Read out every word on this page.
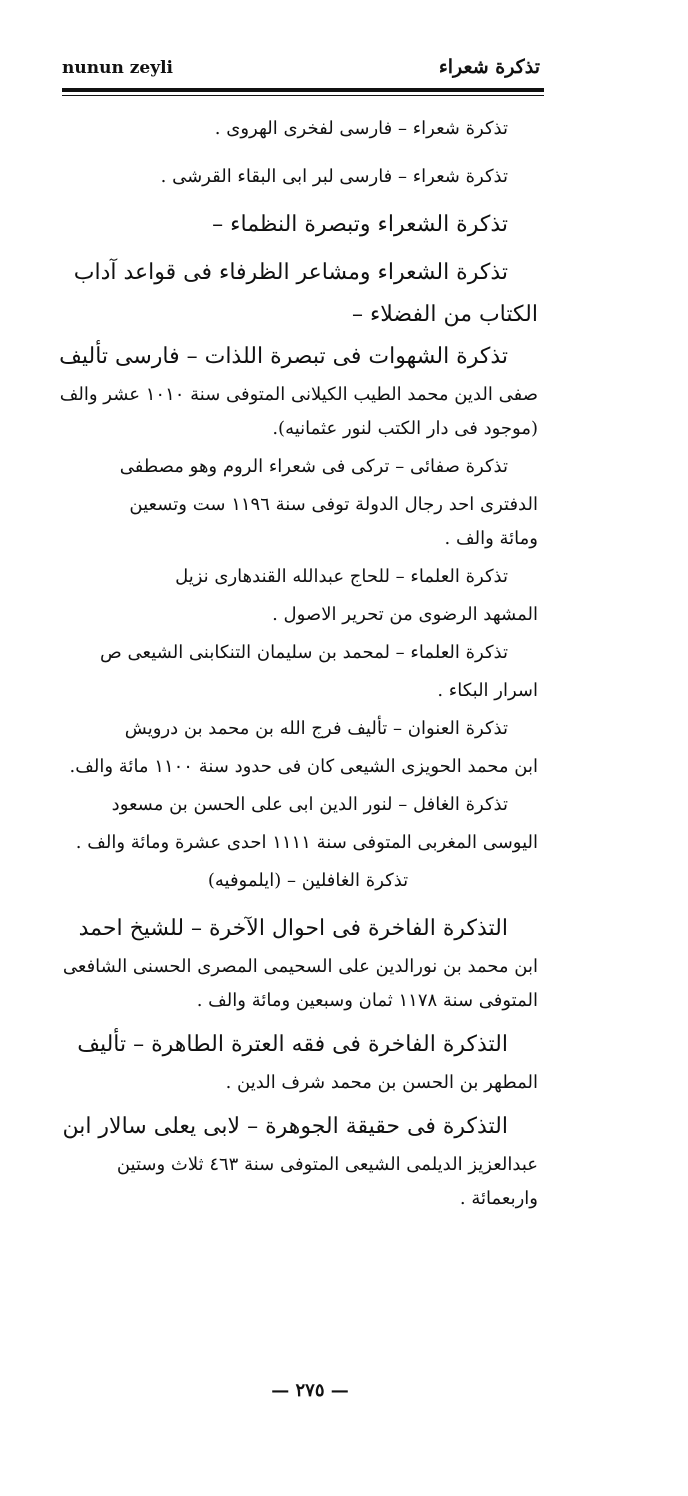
nunun zeyli	تذكرة شعراء
تذكرة شعراء – فارسى لفخرى الهروى .
تذكرة شعراء – فارسى لبر ابى البقاء القرشى .
تذكرة الشعراء وتبصرة النظماء –
تذكرة الشعراء ومشاعر الظرفاء فى قواعد آداب
الكتاب من الفضلاء –
تذكرة الشهوات فى تبصرة اللذات – فارسى تأليف
صفى الدين محمد الطيب الكيلانى المتوفى سنة ١٠١٠ عشر والف
(موجود فى دار الكتب لنور عثمانيه).
تذكرة صفائى – تركى فى شعراء الروم وهو مصطفى
الدفترى احد رجال الدولة توفى سنة ١١٩٦ ست وتسعين
ومائة والف .
تذكرة العلماء – للحاج عبدالله القندهارى نزيل
المشهد الرضوى من تحرير الاصول .
تذكرة العلماء – لمحمد بن سليمان التنكابنى الشيعى ص
اسرار البكاء .
تذكرة العنوان – تأليف فرج الله بن محمد بن درويش
ابن محمد الحويزى الشيعى كان فى حدود سنة ١١٠٠ مائة والف.
تذكرة الغافل – لنور الدين ابى على الحسن بن مسعود
اليوسى المغربى المتوفى سنة ١١١١ احدى عشرة ومائة والف .
تذكرة الغافلين – (ايلموفيه)
التذكرة الفاخرة فى احوال الآخرة – للشيخ احمد
ابن محمد بن نورالدين على السحيمى المصرى الحسنى الشافعى
المتوفى سنة ١١٧٨ ثمان وسبعين ومائة والف .
التذكرة الفاخرة فى فقه العترة الطاهرة – تأليف
المطهر بن الحسن بن محمد شرف الدين .
التذكرة فى حقيقة الجوهرة – لابى يعلى سالار ابن
عبدالعزيز الديلمى الشيعى المتوفى سنة ٤٦٣ ثلاث وستين
واربعمائة .
— ٢٧٥ —
